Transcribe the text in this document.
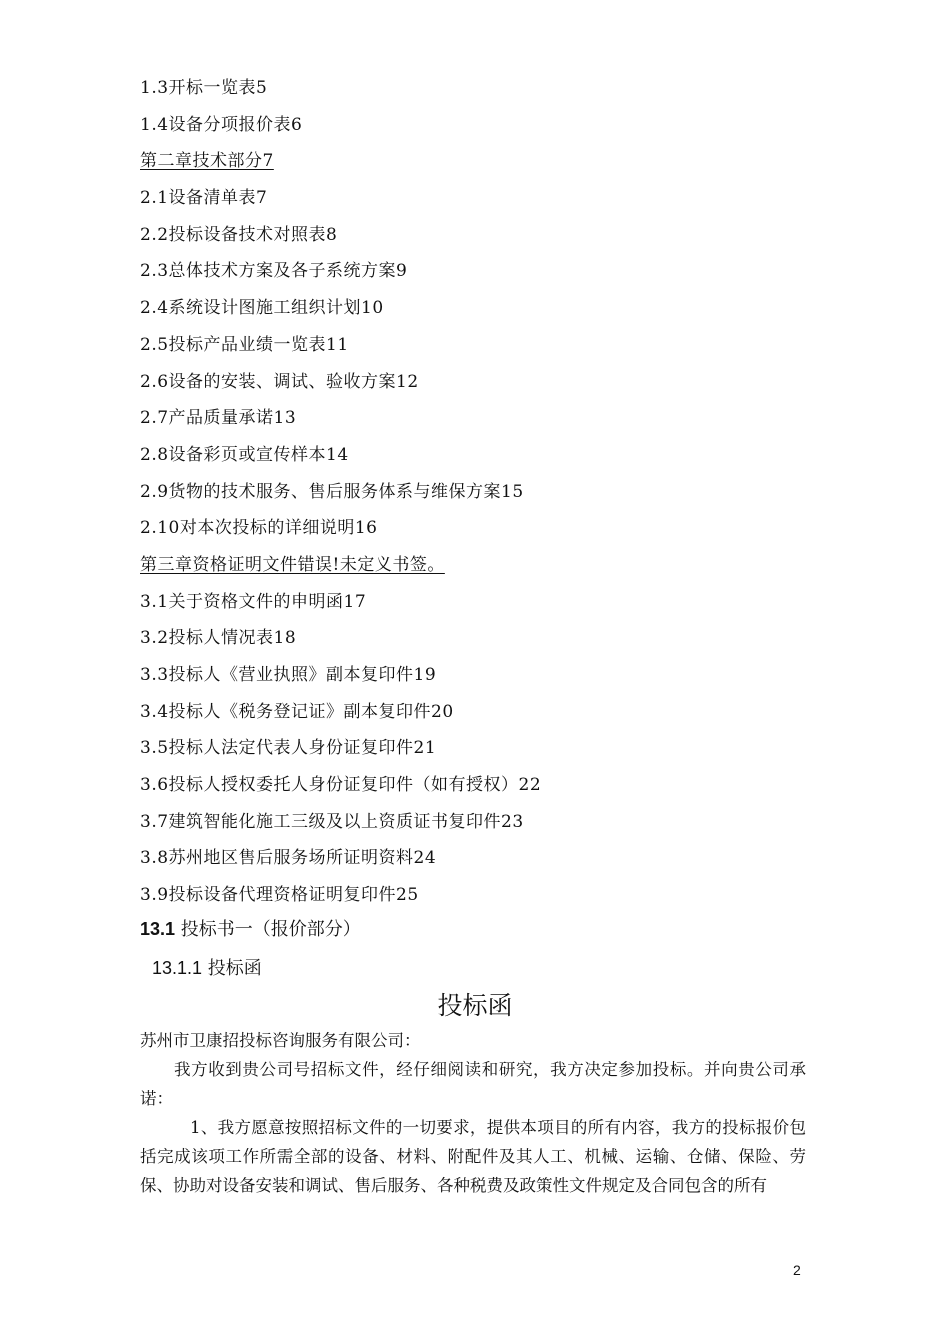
1.3开标一览表5
1.4设备分项报价表6
第二章技术部分7
2.1设备清单表7
2.2投标设备技术对照表8
2.3总体技术方案及各子系统方案9
2.4系统设计图施工组织计划10
2.5投标产品业绩一览表11
2.6设备的安装、调试、验收方案12
2.7产品质量承诺13
2.8设备彩页或宣传样本14
2.9货物的技术服务、售后服务体系与维保方案15
2.10对本次投标的详细说明16
第三章资格证明文件错误!未定义书签。
3.1关于资格文件的申明函17
3.2投标人情况表18
3.3投标人《营业执照》副本复印件19
3.4投标人《税务登记证》副本复印件20
3.5投标人法定代表人身份证复印件21
3.6投标人授权委托人身份证复印件（如有授权）22
3.7建筑智能化施工三级及以上资质证书复印件23
3.8苏州地区售后服务场所证明资料24
3.9投标设备代理资格证明复印件25
13.1 投标书一（报价部分）
13.1.1 投标函
投标函

苏州市卫康招投标咨询服务有限公司：

我方收到贵公司号招标文件，经仔细阅读和研究，我方决定参加投标。并向贵公司承诺：

1、我方愿意按照招标文件的一切要求，提供本项目的所有内容，我方的投标报价包括完成该项工作所需全部的设备、材料、附配件及其人工、机械、运输、仓储、保险、劳保、协助对设备安装和调试、售后服务、各种税费及政策性文件规定及合同包含的所有

2
